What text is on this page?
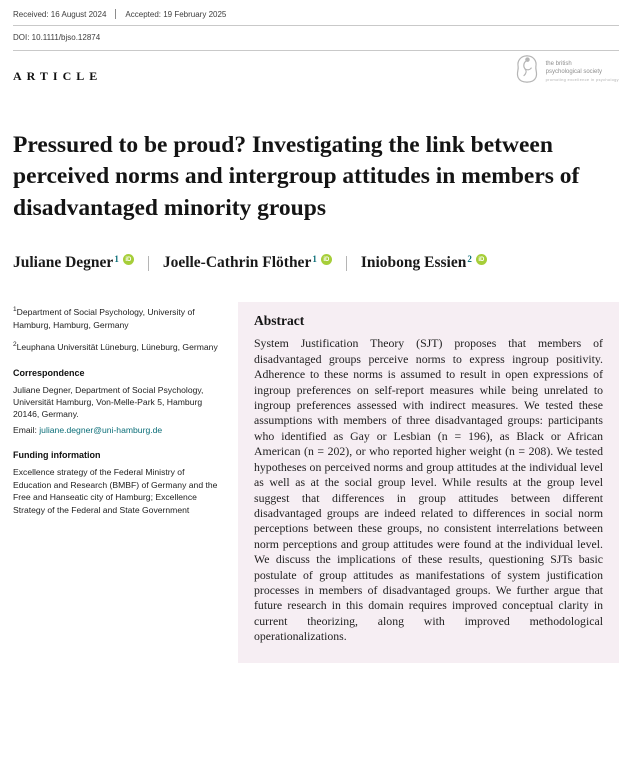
Received: 16 August 2024 Accepted: 19 February 2025
DOI: 10.1111/bjso.12874
ARTICLE
the british
psychological society
promoting excellence in psychology
Pressured to be proud? Investigating the link between perceived norms and intergroup attitudes in members of disadvantaged minority groups
Juliane Degner$^1$	iD Joelle-Cathrin Flöther$^1$	iD Iniobong Essien$^2$	iD

$^1$Department of Social Psychology, University of Hamburg, Hamburg, Germany

$^2$Leuphana Universität Lüneburg, Lüneburg, Germany

Correspondence

Juliane Degner, Department of Social Psychology, Universität Hamburg, Von-Melle-Park 5, Hamburg 20146, Germany.

Email: juliane.degner@uni-hamburg.de

Funding information

Excellence strategy of the Federal Ministry of Education and Research (BMBF) of Germany and the Free and Hanseatic city of Hamburg; Excellence Strategy of the Federal and State Government

Abstract

System Justification Theory (SJT) proposes that members of disadvantaged groups perceive norms to express ingroup positivity. Adherence to these norms is assumed to result in open expressions of ingroup preferences on self-report measures while being unrelated to ingroup preferences assessed with indirect measures. We tested these assumptions with members of three disadvantaged groups: participants who identified as Gay or Lesbian (n = 196), as Black or African American (n = 202), or who reported higher weight (n = 208). We tested hypotheses on perceived norms and group attitudes at the individual level as well as at the social group level. While results at the group level suggest that differences in group attitudes between different disadvantaged groups are indeed related to differences in social norm perceptions between these groups, no consistent interrelations between norm perceptions and group attitudes were found at the individual level. We discuss the implications of these results, questioning SJTs basic postulate of group attitudes as manifestations of system justification processes in members of disadvantaged groups. We further argue that future research in this domain requires improved conceptual clarity in current theorizing, along with improved methodological operationalizations.
